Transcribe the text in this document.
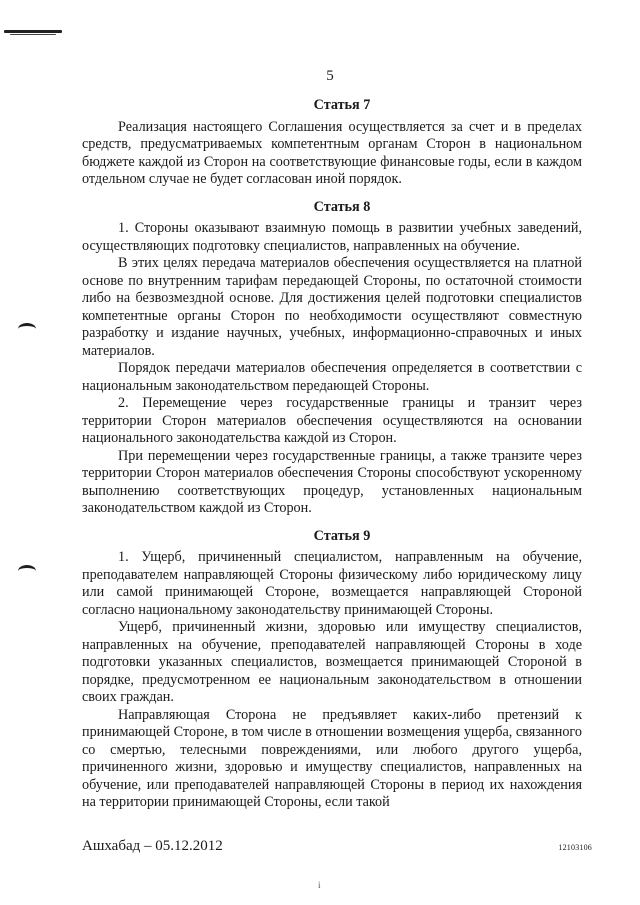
5
Статья 7

Реализация настоящего Соглашения осуществляется за счет и в пределах средств, предусматриваемых компетентным органам Сторон в национальном бюджете каждой из Сторон на соответствующие финансовые годы, если в каждом отдельном случае не будет согласован иной порядок.

Статья 8

1. Стороны оказывают взаимную помощь в развитии учебных заведений, осуществляющих подготовку специалистов, направленных на обучение.

В этих целях передача материалов обеспечения осуществляется на платной основе по внутренним тарифам передающей Стороны, по остаточной стоимости либо на безвозмездной основе. Для достижения целей подготовки специалистов компетентные органы Сторон по необходимости осуществляют совместную разработку и издание научных, учебных, информационно-справочных и иных материалов.

Порядок передачи материалов обеспечения определяется в соответствии с национальным законодательством передающей Стороны.

2. Перемещение через государственные границы и транзит через территории Сторон материалов обеспечения осуществляются на основании национального законодательства каждой из Сторон.

При перемещении через государственные границы, а также транзите через территории Сторон материалов обеспечения Стороны способствуют ускоренному выполнению соответствующих процедур, установленных национальным законодательством каждой из Сторон.

Статья 9

1. Ущерб, причиненный специалистом, направленным на обучение, преподавателем направляющей Стороны физическому либо юридическому лицу или самой принимающей Стороне, возмещается направляющей Стороной согласно национальному законодательству принимающей Стороны.

Ущерб, причиненный жизни, здоровью или имуществу специалистов, направленных на обучение, преподавателей направляющей Стороны в ходе подготовки указанных специалистов, возмещается принимающей Стороной в порядке, предусмотренном ее национальным законодательством в отношении своих граждан.

Направляющая Сторона не предъявляет каких-либо претензий к принимающей Стороне, в том числе в отношении возмещения ущерба, связанного со смертью, телесными повреждениями, или любого другого ущерба, причиненного жизни, здоровью и имуществу специалистов, направленных на обучение, или преподавателей направляющей Стороны в период их нахождения на территории принимающей Стороны, если такой

Ашхабад – 05.12.2012	12103106
i
